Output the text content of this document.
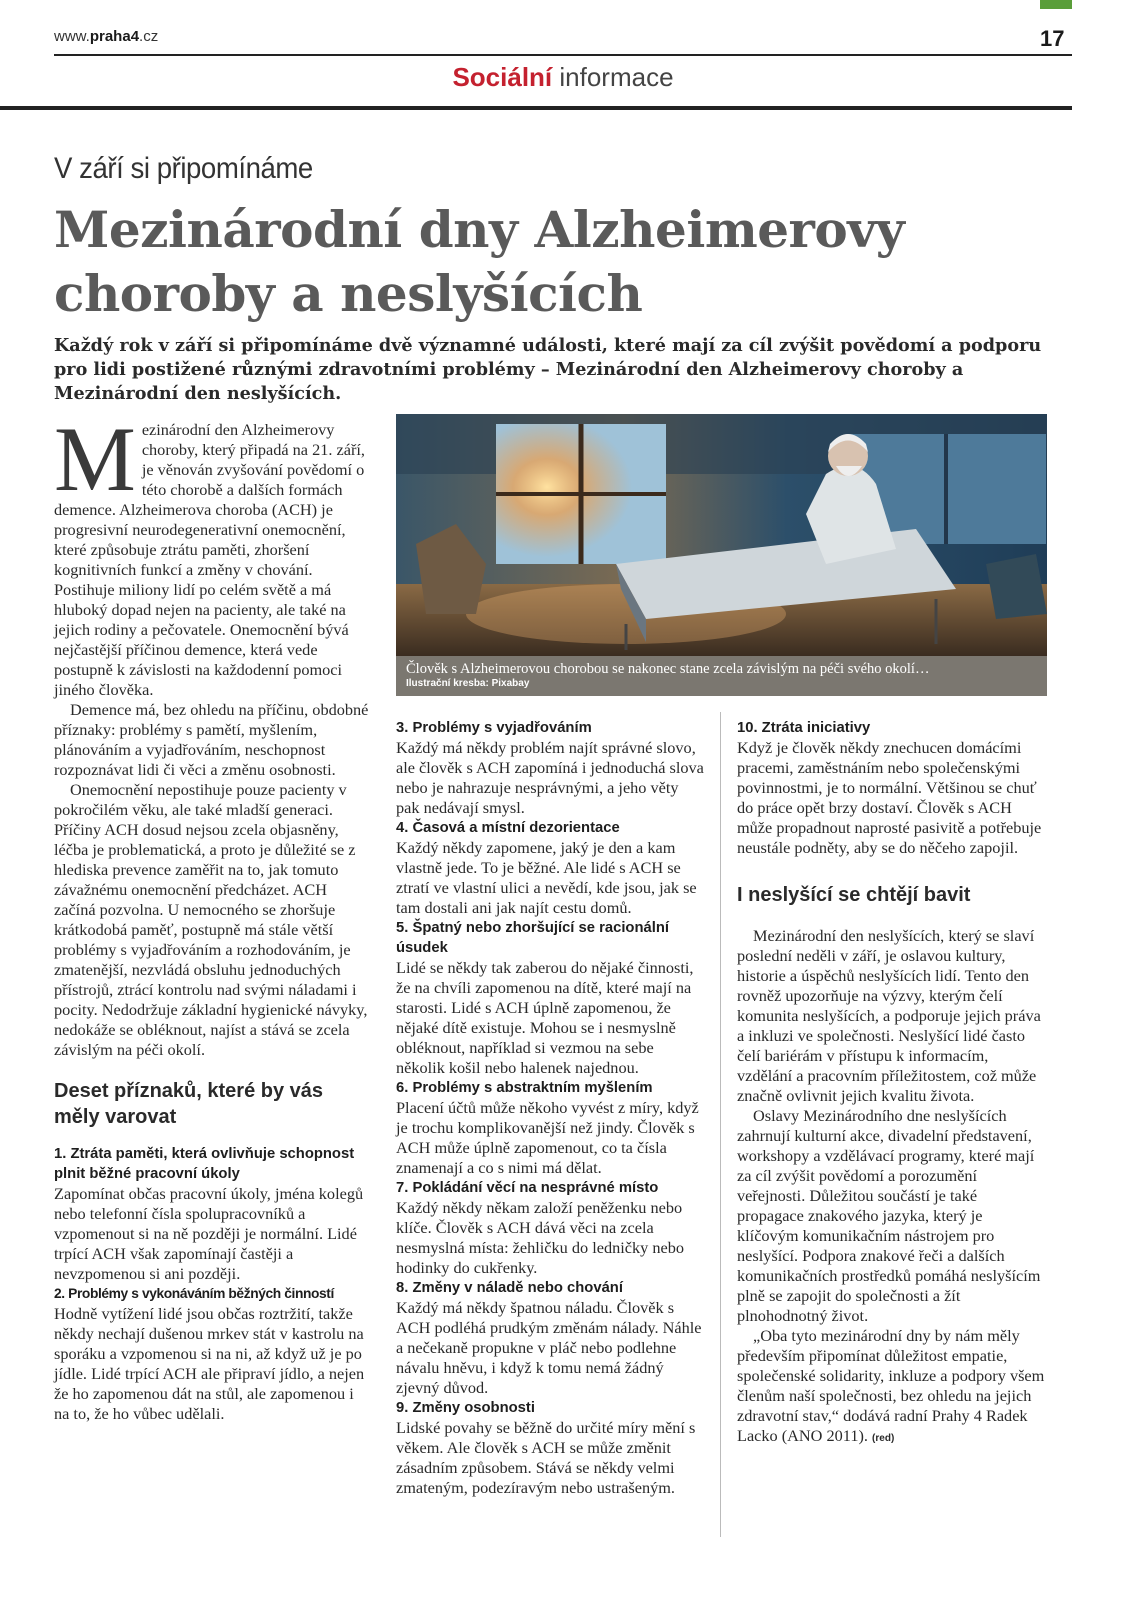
www.praha4.cz	17
Sociální informace
V září si připomínáme
Mezinárodní dny Alzheimerovy choroby a neslyšících
Každý rok v září si připomínáme dvě významné události, které mají za cíl zvýšit povědomí a podporu pro lidi postižené různými zdravotními problémy – Mezinárodní den Alzheimerovy choroby a Mezinárodní den neslyšících.
M ezinárodní den Alzheimerovy choroby, který připadá na 21. září, je věnován zvyšování povědomí o této chorobě a dalších formách demence. Alzheimerova choroba (ACH) je progresivní neurodegenerativní onemocnění, které způsobuje ztrátu paměti, zhoršení kognitivních funkcí a změny v chování. Postihuje miliony lidí po celém světě a má hluboký dopad nejen na pacienty, ale také na jejich rodiny a pečovatele. Onemocnění bývá nejčastější příčinou demence, která vede postupně k závislosti na každodenní pomoci jiného člověka.

Demence má, bez ohledu na příčinu, obdobné příznaky: problémy s pamětí, myšlením, plánováním a vyjadřováním, neschopnost rozpoznávat lidi či věci a změnu osobnosti.

Onemocnění nepostihuje pouze pacienty v pokročilém věku, ale také mladší generaci. Příčiny ACH dosud nejsou zcela objasněny, léčba je problematická, a proto je důležité se z hlediska prevence zaměřit na to, jak tomuto závažnému onemocnění předcházet. ACH začíná pozvolna. U nemocného se zhoršuje krátkodobá paměť, postupně má stále větší problémy s vyjadřováním a rozhodováním, je zmatenější, nezvládá obsluhu jednoduchých přístrojů, ztrácí kontrolu nad svými náladami i pocity. Nedodržuje základní hygienické návyky, nedokáže se obléknout, najíst a stává se zcela závislým na péči okolí.

Deset příznaků, které by vás měly varovat
1. Ztráta paměti, která ovlivňuje schopnost plnit běžné pracovní úkoly

Zapomínat občas pracovní úkoly, jména kolegů nebo telefonní čísla spolupracovníků a vzpomenout si na ně později je normální. Lidé trpící ACH však zapomínají častěji a nevzpomenou si ani později.

2. Problémy s vykonáváním běžných činností

Hodně vytížení lidé jsou občas roztržití, takže někdy nechají dušenou mrkev stát v kastrolu na sporáku a vzpomenou si na ni, až když už je po jídle. Lidé trpící ACH ale připraví jídlo, a nejen že ho zapomenou dát na stůl, ale zapomenou i na to, že ho vůbec udělali.

Člověk s Alzheimerovou chorobou se nakonec stane zcela závislým na péči svého okolí…
Ilustrační kresba: Pixabay
3. Problémy s vyjadřováním

Každý má někdy problém najít správné slovo, ale člověk s ACH zapomíná i jednoduchá slova nebo je nahrazuje nesprávnými, a jeho věty pak nedávají smysl.

4. Časová a místní dezorientace

Každý někdy zapomene, jaký je den a kam vlastně jede. To je běžné. Ale lidé s ACH se ztratí ve vlastní ulici a nevědí, kde jsou, jak se tam dostali ani jak najít cestu domů.

5. Špatný nebo zhoršující se racionální úsudek

Lidé se někdy tak zaberou do nějaké činnosti, že na chvíli zapomenou na dítě, které mají na starosti. Lidé s ACH úplně zapomenou, že nějaké dítě existuje. Mohou se i nesmyslně obléknout, například si vezmou na sebe několik košil nebo halenek najednou.

6. Problémy s abstraktním myšlením

Placení účtů může někoho vyvést z míry, když je trochu komplikovanější než jindy. Člověk s ACH může úplně zapomenout, co ta čísla znamenají a co s nimi má dělat.

7. Pokládání věcí na nesprávné místo

Každý někdy někam založí peněženku nebo klíče. Člověk s ACH dává věci na zcela nesmyslná místa: žehličku do ledničky nebo hodinky do cukřenky.

8. Změny v náladě nebo chování

Každý má někdy špatnou náladu. Člověk s ACH podléhá prudkým změnám nálady. Náhle a nečekaně propukne v pláč nebo podlehne návalu hněvu, i když k tomu nemá žádný zjevný důvod.

9. Změny osobnosti

Lidské povahy se běžně do určité míry mění s věkem. Ale člověk s ACH se může změnit zásadním způsobem. Stává se někdy velmi zmateným, podezíravým nebo ustrašeným.

10. Ztráta iniciativy

Když je člověk někdy znechucen domácími pracemi, zaměstnáním nebo společenskými povinnostmi, je to normální. Většinou se chuť do práce opět brzy dostaví. Člověk s ACH může propadnout naprosté pasivitě a potřebuje neustále podněty, aby se do něčeho zapojil.

I neslyšící se chtějí bavit

Mezinárodní den neslyšících, který se slaví poslední neděli v září, je oslavou kultury, historie a úspěchů neslyšících lidí. Tento den rovněž upozorňuje na výzvy, kterým čelí komunita neslyšících, a podporuje jejich práva a inkluzi ve společnosti. Neslyšící lidé často čelí bariérám v přístupu k informacím, vzdělání a pracovním příležitostem, což může značně ovlivnit jejich kvalitu života.

Oslavy Mezinárodního dne neslyšících zahrnují kulturní akce, divadelní představení, workshopy a vzdělávací programy, které mají za cíl zvýšit povědomí a porozumění veřejnosti. Důležitou součástí je také propagace znakového jazyka, který je klíčovým komunikačním nástrojem pro neslyšící. Podpora znakové řeči a dalších komunikačních prostředků pomáhá neslyšícím plně se zapojit do společnosti a žít plnohodnotný život.

„Oba tyto mezinárodní dny by nám měly především připomínat důležitost empatie, společenské solidarity, inkluze a podpory všem členům naší společnosti, bez ohledu na jejich zdravotní stav,“ dodává radní Prahy 4 Radek Lacko (ANO 2011). (red)
